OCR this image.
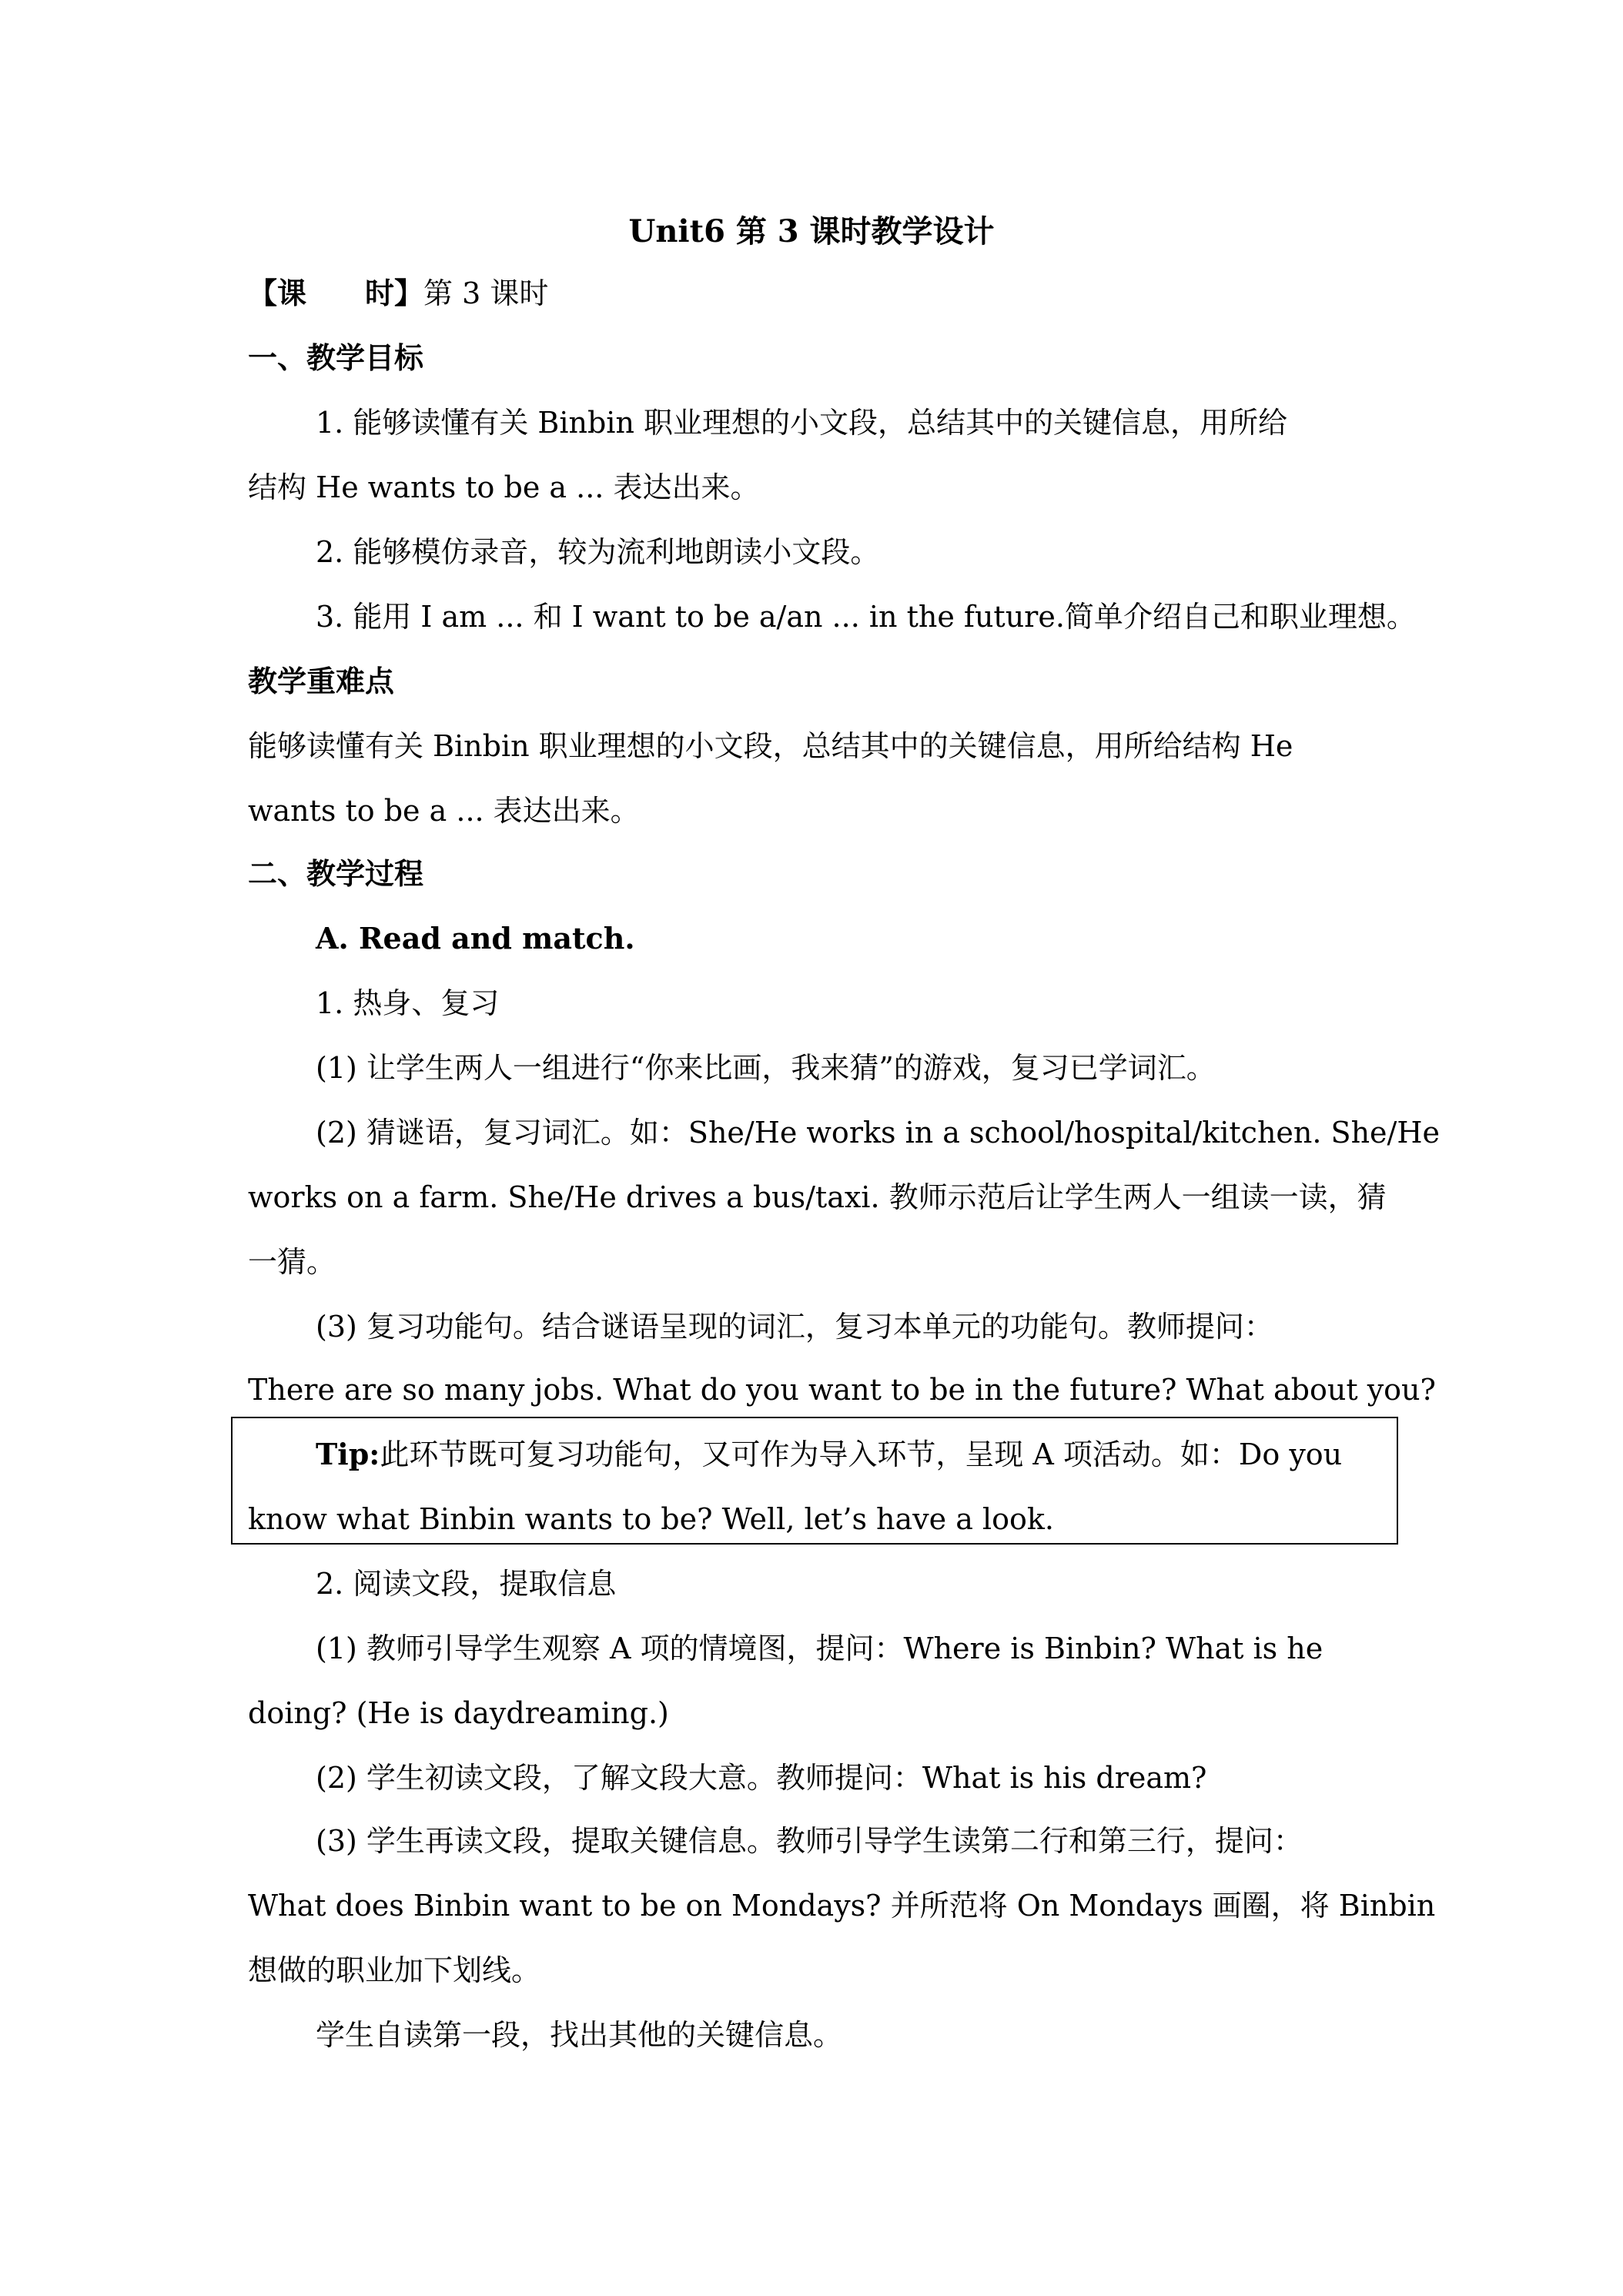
Unit6 第 3 课时教学设计
【课　　时】第 3 课时
一、教学目标
1. 能够读懂有关 Binbin 职业理想的小文段，总结其中的关键信息，用所给
结构 He wants to be a ... 表达出来。
2. 能够模仿录音，较为流利地朗读小文段。
3. 能用 I am ... 和 I want to be a/an ... in the future.简单介绍自己和职业理想。
教学重难点
能够读懂有关 Binbin 职业理想的小文段，总结其中的关键信息，用所给结构 He
wants to be a ... 表达出来。
二、教学过程
A. Read and match.
1. 热身、复习
(1) 让学生两人一组进行“你来比画，我来猜”的游戏，复习已学词汇。
(2) 猜谜语，复习词汇。如：She/He works in a school/hospital/kitchen. She/He
works on a farm. She/He drives a bus/taxi. 教师示范后让学生两人一组读一读，猜
一猜。
(3) 复习功能句。结合谜语呈现的词汇，复习本单元的功能句。教师提问：
There are so many jobs. What do you want to be in the future? What about you?
Tip:此环节既可复习功能句，又可作为导入环节，呈现 A 项活动。如：Do you
know what Binbin wants to be? Well, let’s have a look.
2. 阅读文段，提取信息
(1) 教师引导学生观察 A 项的情境图，提问：Where is Binbin? What is he
doing? (He is daydreaming.)
(2) 学生初读文段，了解文段大意。教师提问：What is his dream?
(3) 学生再读文段，提取关键信息。教师引导学生读第二行和第三行，提问：
What does Binbin want to be on Mondays? 并所范将 On Mondays 画圈，将 Binbin
想做的职业加下划线。
学生自读第一段，找出其他的关键信息。
